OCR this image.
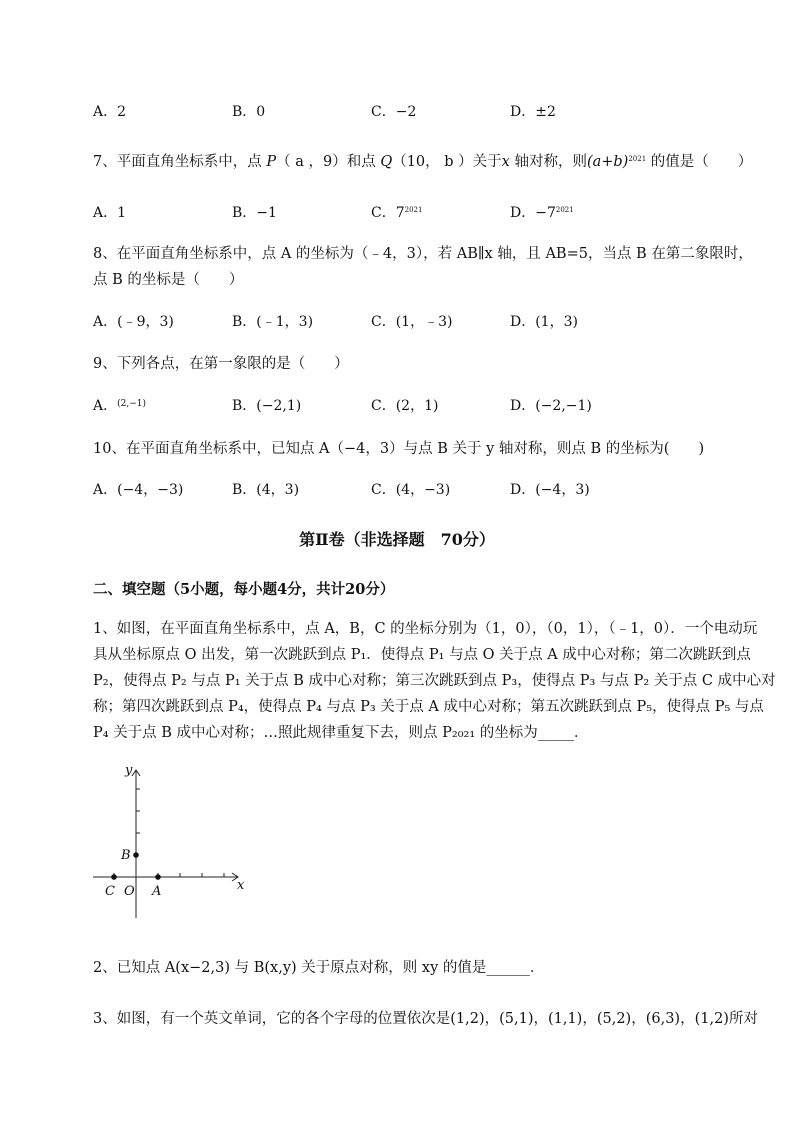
A．2	B．0	C．−2	D．±2
7、平面直角坐标系中，点 P（ a ，9）和点 Q（10， b ）关于x 轴对称，则$(a+b)^{2021}$ 的值是（　　）
A．1	B．−1	C．$7^{2021}$	D．$-7^{2021}$
8、在平面直角坐标系中，点 A 的坐标为（﹣4，3），若 AB∥x 轴，且 AB=5，当点 B 在第二象限时，
点 B 的坐标是（　　）
A．(﹣9，3)	B．(﹣1，3)	C．(1，﹣3)	D．(1，3)
9、下列各点，在第一象限的是（　　）
A．$^{(2,-1)}$	B．(−2,1)	C．(2，1)	D．(−2,−1)
10、在平面直角坐标系中，已知点 A（−4，3）与点 B 关于 y 轴对称，则点 B 的坐标为(　　)
A．(−4，−3)	B．(4，3)	C．(4，−3)	D．(−4，3)
第Ⅱ卷（非选择题　70分）
二、填空题（5小题，每小题4分，共计20分）
1、如图，在平面直角坐标系中，点 A，B，C 的坐标分别为（1，0），（0，1），（﹣1，0）．一个电动玩
具从坐标原点 O 出发，第一次跳跃到点 P₁．使得点 P₁ 与点 O 关于点 A 成中心对称；第二次跳跃到点
P₂，使得点 P₂ 与点 P₁ 关于点 B 成中心对称；第三次跳跃到点 P₃，使得点 P₃ 与点 P₂ 关于点 C 成中心对
称；第四次跳跃到点 P₄，使得点 P₄ 与点 P₃ 关于点 A 成中心对称；第五次跳跃到点 P₅，使得点 P₅ 与点
P₄ 关于点 B 成中心对称；…照此规律重复下去，则点 P₂₀₂₁ 的坐标为_____．
y
x
B
C O A
2、已知点 A(x−2,3) 与 B(x,y) 关于原点对称，则 xy 的值是______．
3、如图，有一个英文单词，它的各个字母的位置依次是(1,2)，(5,1)，(1,1)，(5,2)，(6,3)，(1,2)所对
